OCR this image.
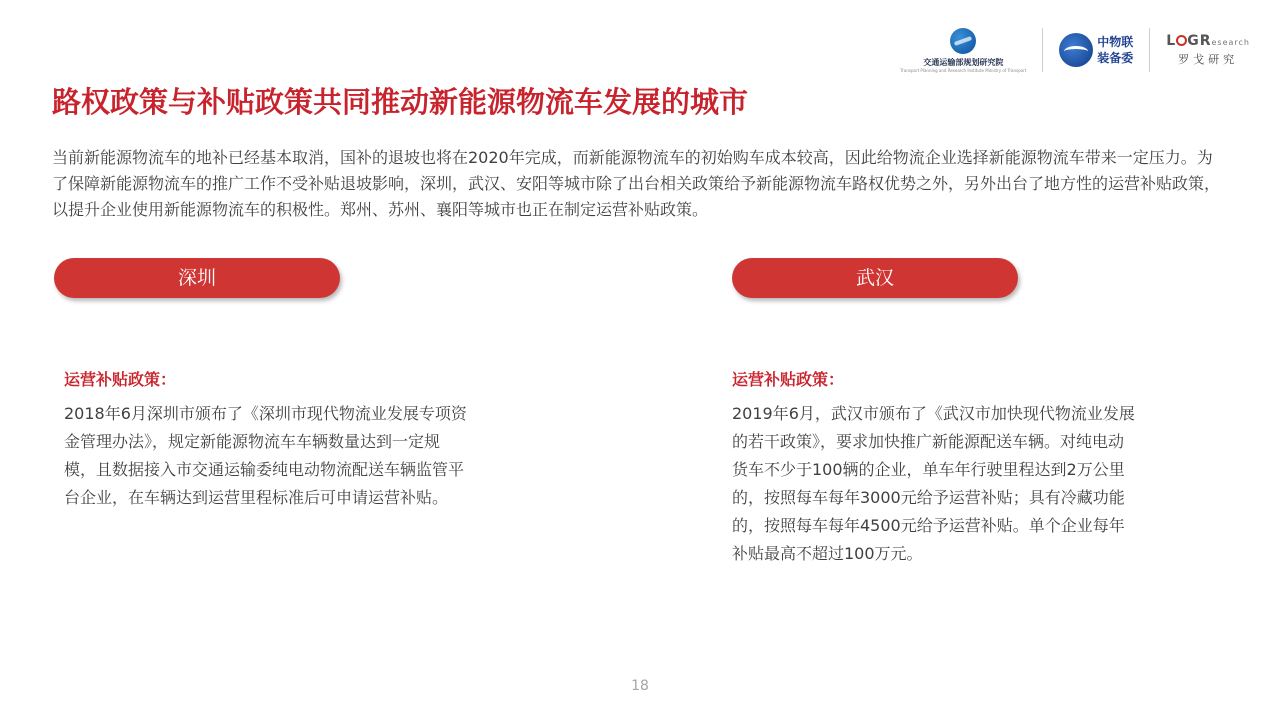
交通运输部规划研究院
Transport Planning and Research Institute Ministry of Transport
中物联
装备委
L GResearch
罗戈研究
路权政策与补贴政策共同推动新能源物流车发展的城市
当前新能源物流车的地补已经基本取消，国补的退坡也将在2020年完成，而新能源物流车的初始购车成本较高，因此给物流企业选择新能源物流车带来一定压力。为了保障新能源物流车的推广工作不受补贴退坡影响，深圳，武汉、安阳等城市除了出台相关政策给予新能源物流车路权优势之外，另外出台了地方性的运营补贴政策，以提升企业使用新能源物流车的积极性。郑州、苏州、襄阳等城市也正在制定运营补贴政策。
深圳	武汉
运营补贴政策：	运营补贴政策：
2018年6月深圳市颁布了《深圳市现代物流业发展专项资金管理办法》，规定新能源物流车车辆数量达到一定规模，且数据接入市交通运输委纯电动物流配送车辆监管平台企业，在车辆达到运营里程标准后可申请运营补贴。
2019年6月，武汉市颁布了《武汉市加快现代物流业发展的若干政策》，要求加快推广新能源配送车辆。对纯电动货车不少于100辆的企业，单车年行驶里程达到2万公里的，按照每车每年3000元给予运营补贴；具有冷藏功能的，按照每车每年4500元给予运营补贴。单个企业每年补贴最高不超过100万元。
18
